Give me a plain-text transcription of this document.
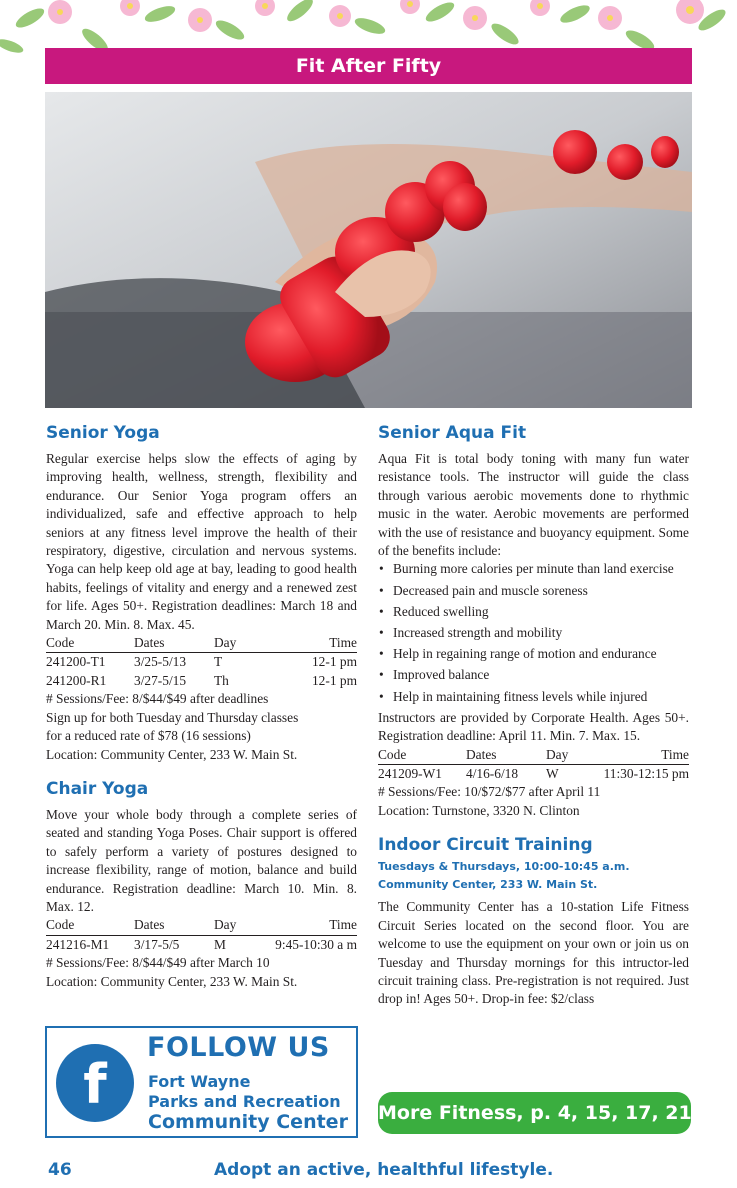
Fit After Fifty
Senior Yoga

Regular exercise helps slow the effects of aging by improving health, wellness, strength, flexibility and endurance. Our Senior Yoga program offers an individualized, safe and effective approach to help seniors at any fitness level improve the health of their respiratory, digestive, circulation and nervous systems. Yoga can help keep old age at bay, leading to good health habits, feelings of vitality and energy and a renewed zest for life. Ages 50+. Registration deadlines: March 18 and March 20. Min. 8. Max. 45.

Code	Dates	Day	Time
241200-T1	3/25-5/13	T	12-1 pm
241200-R1	3/27-5/15	Th	12-1 pm
# Sessions/Fee: 8/$44/$49 after deadlines
Sign up for both Tuesday and Thursday classes
for a reduced rate of $78 (16 sessions)
Location: Community Center, 233 W. Main St.
Chair Yoga

Move your whole body through a complete series of seated and standing Yoga Poses. Chair support is offered to safely perform a variety of postures designed to increase flexibility, range of motion, balance and build endurance. Registration deadline: March 10. Min. 8. Max. 12.

Code	Dates	Day	Time
241216-M1	3/17-5/5	M	9:45-10:30 a m
# Sessions/Fee: 8/$44/$49 after March 10
Location: Community Center, 233 W. Main St.
Senior Aqua Fit

Aqua Fit is total body toning with many fun water resistance tools. The instructor will guide the class through various aerobic movements done to rhythmic music in the water. Aerobic movements are performed with the use of resistance and buoyancy equipment. Some of the benefits include:

• Burning more calories per minute than land exercise
• Decreased pain and muscle soreness
• Reduced swelling
• Increased strength and mobility
• Help in regaining range of motion and endurance
• Improved balance
• Help in maintaining fitness levels while injured

Instructors are provided by Corporate Health. Ages 50+. Registration deadline: April 11. Min. 7. Max. 15.

Code	Dates	Day	Time
241209-W1	4/16-6/18	W	11:30-12:15 pm
# Sessions/Fee: 10/$72/$77 after April 11
Location: Turnstone, 3320 N. Clinton
Indoor Circuit Training
Tuesdays & Thursdays, 10:00-10:45 a.m.
Community Center, 233 W. Main St.

The Community Center has a 10-station Life Fitness Circuit Series located on the second floor. You are welcome to use the equipment on your own or join us on Tuesday and Thursday mornings for this intructor-led circuit training class. Pre-registration is not required. Just drop in! Ages 50+. Drop-in fee: $2/class

f
FOLLOW US
Fort Wayne
Parks and Recreation
Community Center More Fitness, p. 4, 15, 17, 21
46	Adopt an active, healthful lifestyle.
